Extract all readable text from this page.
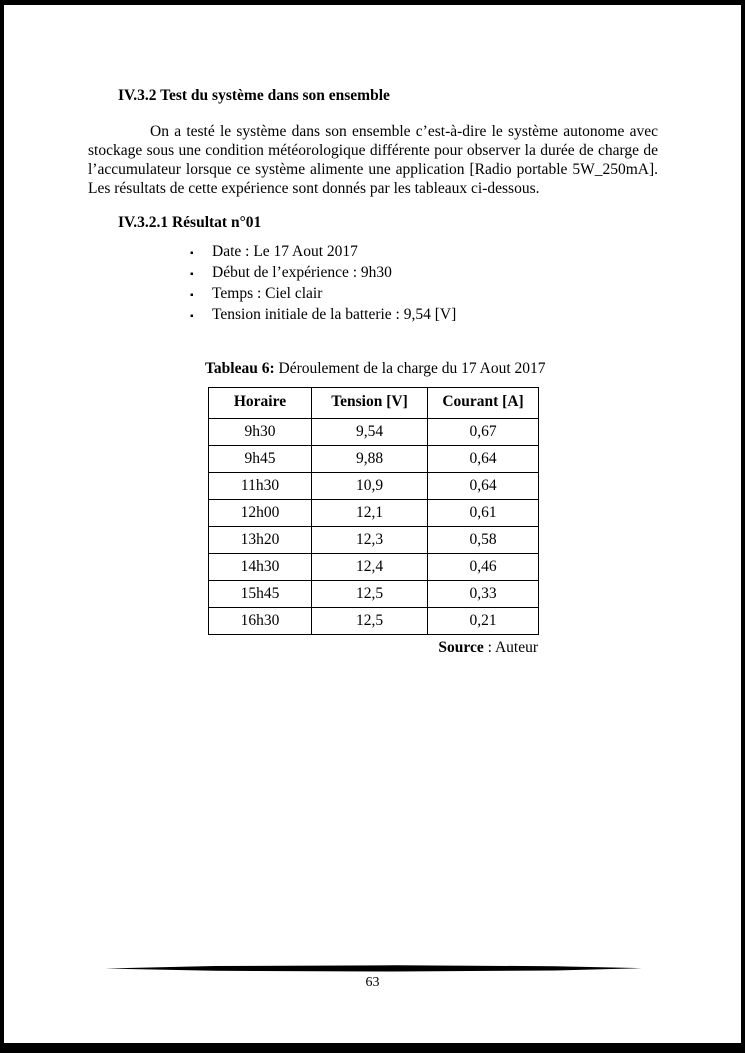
IV.3.2 Test du système dans son ensemble
On a testé le système dans son ensemble c’est-à-dire le système autonome avec stockage sous une condition météorologique différente pour observer la durée de charge de l’accumulateur lorsque ce système alimente une application [Radio portable 5W_250mA]. Les résultats de cette expérience sont donnés par les tableaux ci-dessous.
IV.3.2.1 Résultat n°01
▪	Date : Le 17 Aout 2017
▪	Début de l’expérience : 9h30
▪	Temps : Ciel clair
▪	Tension initiale de la batterie : 9,54 [V]
Tableau 6: Déroulement de la charge du 17 Aout 2017
Horaire	Tension [V]	Courant [A]
9h30	9,54	0,67
9h45	9,88	0,64
11h30	10,9	0,64
12h00	12,1	0,61
13h20	12,3	0,58
14h30	12,4	0,46
15h45	12,5	0,33
16h30	12,5	0,21
Source : Auteur
63
